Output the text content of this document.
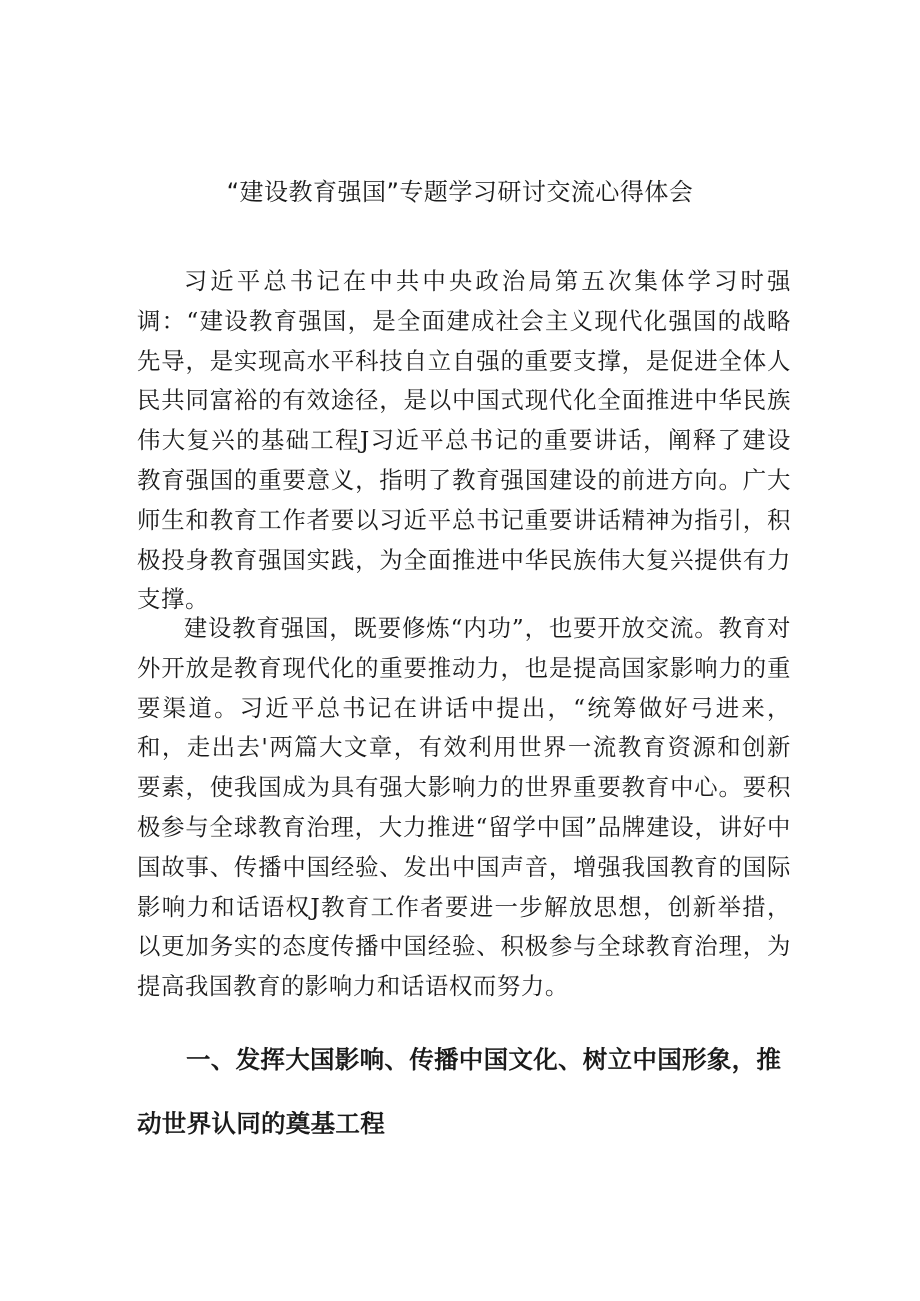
“建设教育强国”专题学习研讨交流心得体会

习近平总书记在中共中央政治局第五次集体学习时强调：“建设教育强国，是全面建成社会主义现代化强国的战略先导，是实现高水平科技自立自强的重要支撑，是促进全体人民共同富裕的有效途径，是以中国式现代化全面推进中华民族伟大复兴的基础工程J习近平总书记的重要讲话，阐释了建设教育强国的重要意义，指明了教育强国建设的前进方向。广大师生和教育工作者要以习近平总书记重要讲话精神为指引，积极投身教育强国实践，为全面推进中华民族伟大复兴提供有力支撑。

建设教育强国，既要修炼“内功”，也要开放交流。教育对外开放是教育现代化的重要推动力，也是提高国家影响力的重要渠道。习近平总书记在讲话中提出，“统筹做好弓进来，和，走出去'两篇大文章，有效利用世界一流教育资源和创新要素，使我国成为具有强大影响力的世界重要教育中心。要积极参与全球教育治理，大力推进“留学中国”品牌建设，讲好中国故事、传播中国经验、发出中国声音，增强我国教育的国际影响力和话语权J教育工作者要进一步解放思想，创新举措，以更加务实的态度传播中国经验、积极参与全球教育治理，为提高我国教育的影响力和话语权而努力。

一、发挥大国影响、传播中国文化、树立中国形象，推动世界认同的奠基工程
